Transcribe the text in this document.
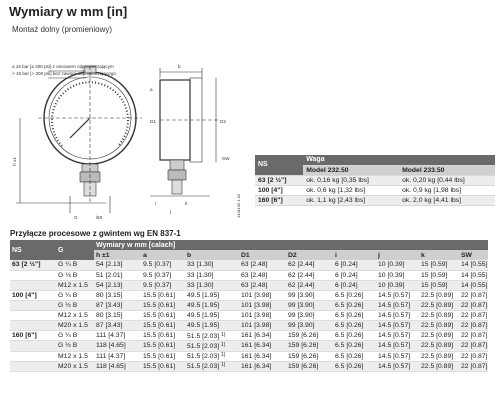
Wymiary w mm [in]
Montaż dolny (promieniowy)
≤ 16 bar [≤ 300 psi] z osnowem odpowietrzającym
> 16 bar [> 300 psi] bez zaworu odpowietrzającego
a
b
h ±1
D1	D2
SW
G	i50
i	k
j	1431105 1.02
NS	Waga	
	Model 232.50	Model 233.50
63 [2 ½"]	ok. 0,16 kg [0,35 lbs]	ok. 0,20 kg [0,44 lbs]
100 [4"]	ok. 0,6 kg [1,32 lbs]	ok. 0,9 kg [1,98 lbs]
160 [6"]	ok. 1,1 kg [2,43 lbs]	ok. 2,0 kg [4,41 lbs]
Przyłącze procesowe z gwintem wg EN 837-1
NS	G	Wymiary w mm [calach]								
		h ±1	a	b	D1	D2	i	j	k	SW
63 [2 ½"]	G ¼ B	54 [2.13]	9.5 [0.37]	33 [1.30]	63 [2.48]	62 [2.44]	6 [0.24]	10 [0.39]	15 [0.59]	14 [0.55]
	G ⅛ B	51 [2.01]	9.5 [0.37]	33 [1.30]	63 [2.48]	62 [2.44]	6 [0.24]	10 [0.39]	15 [0.59]	14 [0.55]
	M12 x 1.5	54 [2.13]	9.5 [0.37]	33 [1.30]	63 [2.48]	62 [2.44]	6 [0.24]	10 [0.39]	15 [0.59]	14 [0.55]
100 [4"]	G ¼ B	80 [3.15]	15.5 [0.61]	49.5 [1.95]	101 [3.98]	99 [3.90]	6.5 [0.26]	14.5 [0.57]	22.5 [0.89]	22 [0.87]
	G ½ B	87 [3.43]	15.5 [0.61]	49.5 [1.95]	101 [3.98]	99 [3.90]	6.5 [0.26]	14.5 [0.57]	22.5 [0.89]	22 [0.87]
	M12 x 1.5	80 [3.15]	15.5 [0.61]	49.5 [1.95]	101 [3.98]	99 [3.90]	6.5 [0.26]	14.5 [0.57]	22.5 [0.89]	22 [0.87]
	M20 x 1.5	87 [3.43]	15.5 [0.61]	49.5 [1.95]	101 [3.98]	99 [3.90]	6.5 [0.26]	14.5 [0.57]	22.5 [0.89]	22 [0.87]
160 [6"]	G ¼ B	111 [4.37]	15.5 [0.61]	51.5 [2.03] $^{1)}$	161 [6.34]	159 [6.26]	6.5 [0.26]	14.5 [0.57]	22.5 [0.89]	22 [0.87]
	G ½ B	118 [4.65]	15.5 [0.61]	51.5 [2.03] $^{1)}$	161 [6.34]	159 [6.26]	6.5 [0.26]	14.5 [0.57]	22.5 [0.89]	22 [0.87]
	M12 x 1.5	111 [4.37]	15.5 [0.61]	51.5 [2.03] $^{1)}$	161 [6.34]	159 [6.26]	6.5 [0.26]	14.5 [0.57]	22.5 [0.89]	22 [0.87]
	M20 x 1.5	118 [4.65]	15.5 [0.61]	51.5 [2.03] $^{1)}$	161 [6.34]	159 [6.26]	6.5 [0.26]	14.5 [0.57]	22.5 [0.89]	22 [0.87]
